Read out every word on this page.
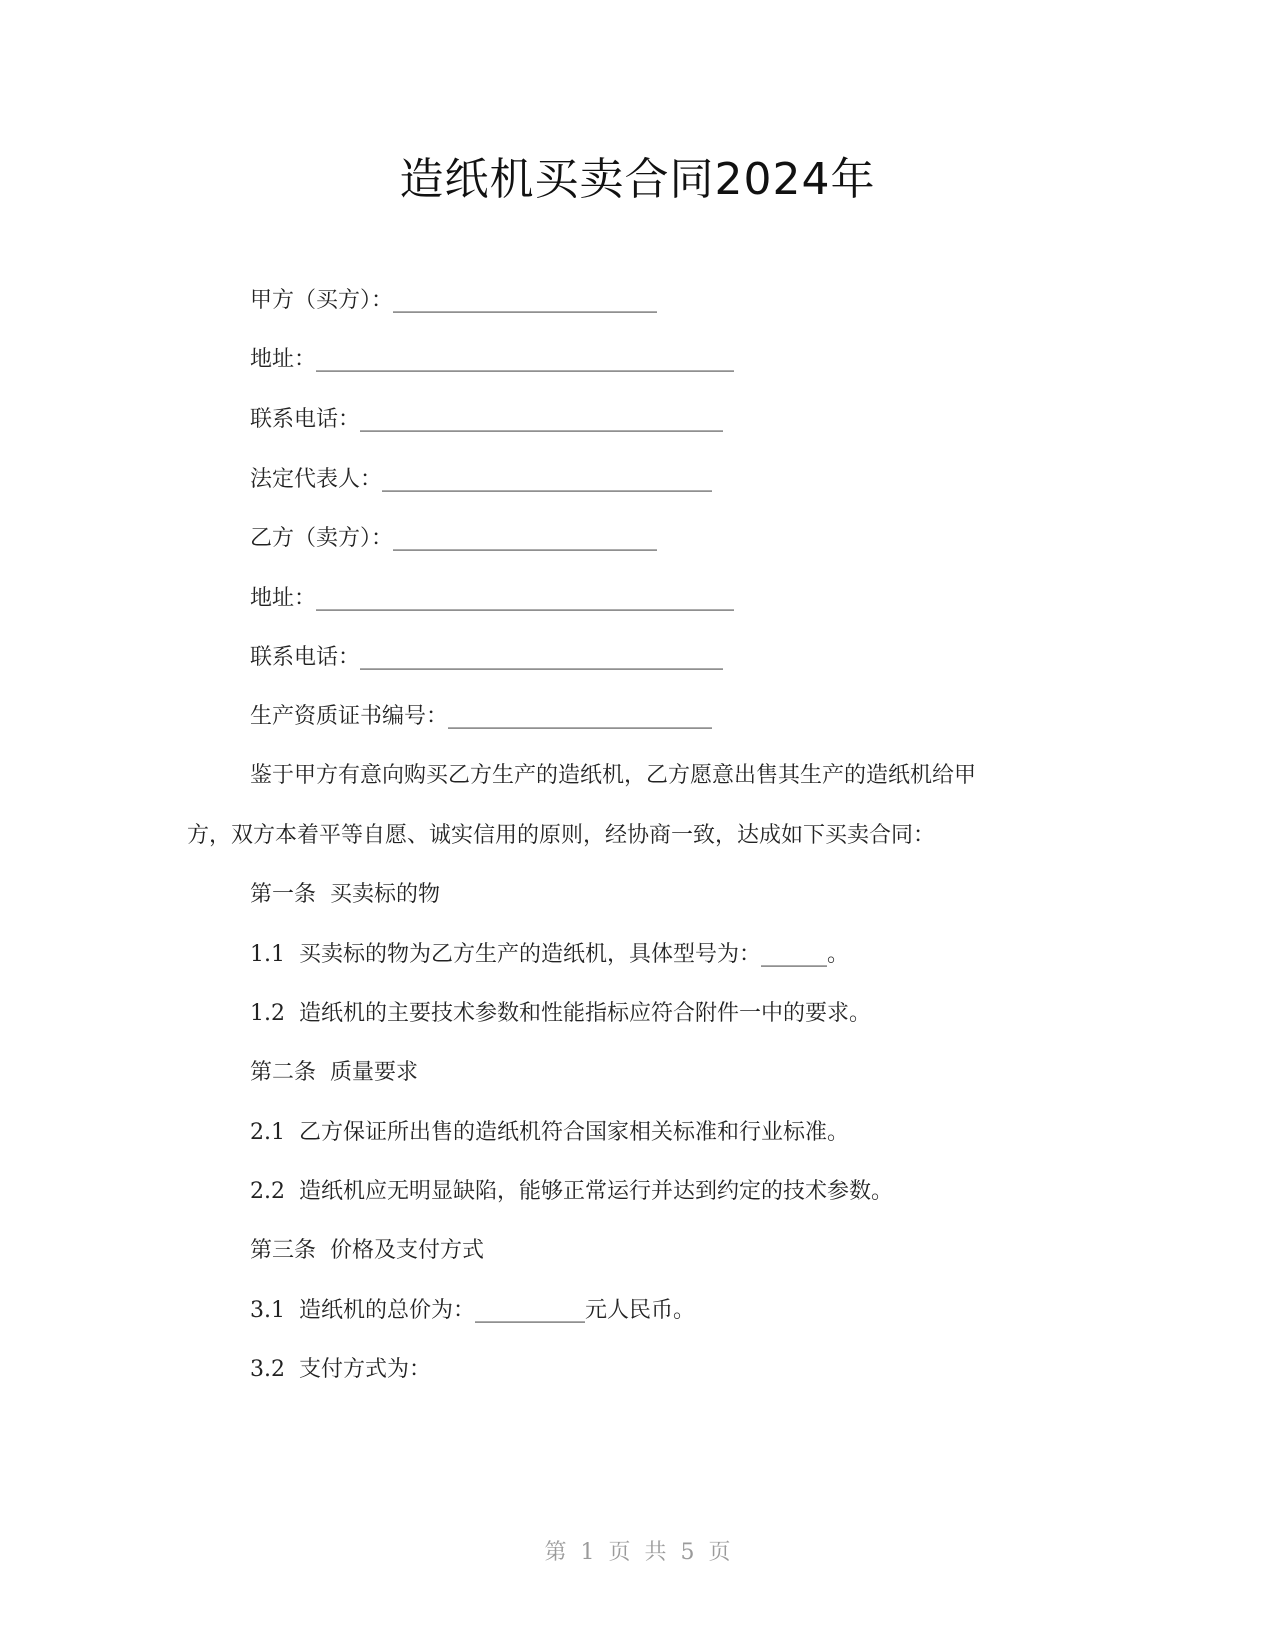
造纸机买卖合同2024年
甲方（买方）：________________________
地址：______________________________________
联系电话：_________________________________
法定代表人：______________________________
乙方（卖方）：________________________
地址：______________________________________
联系电话：_________________________________
生产资质证书编号：________________________
鉴于甲方有意向购买乙方生产的造纸机，乙方愿意出售其生产的造纸机给甲
方，双方本着平等自愿、诚实信用的原则，经协商一致，达成如下买卖合同：
第一条  买卖标的物
1.1  买卖标的物为乙方生产的造纸机，具体型号为：______。
1.2  造纸机的主要技术参数和性能指标应符合附件一中的要求。
第二条  质量要求
2.1  乙方保证所出售的造纸机符合国家相关标准和行业标准。
2.2  造纸机应无明显缺陷，能够正常运行并达到约定的技术参数。
第三条  价格及支付方式
3.1  造纸机的总价为：__________元人民币。
3.2  支付方式为：
第  1  页  共  5  页
